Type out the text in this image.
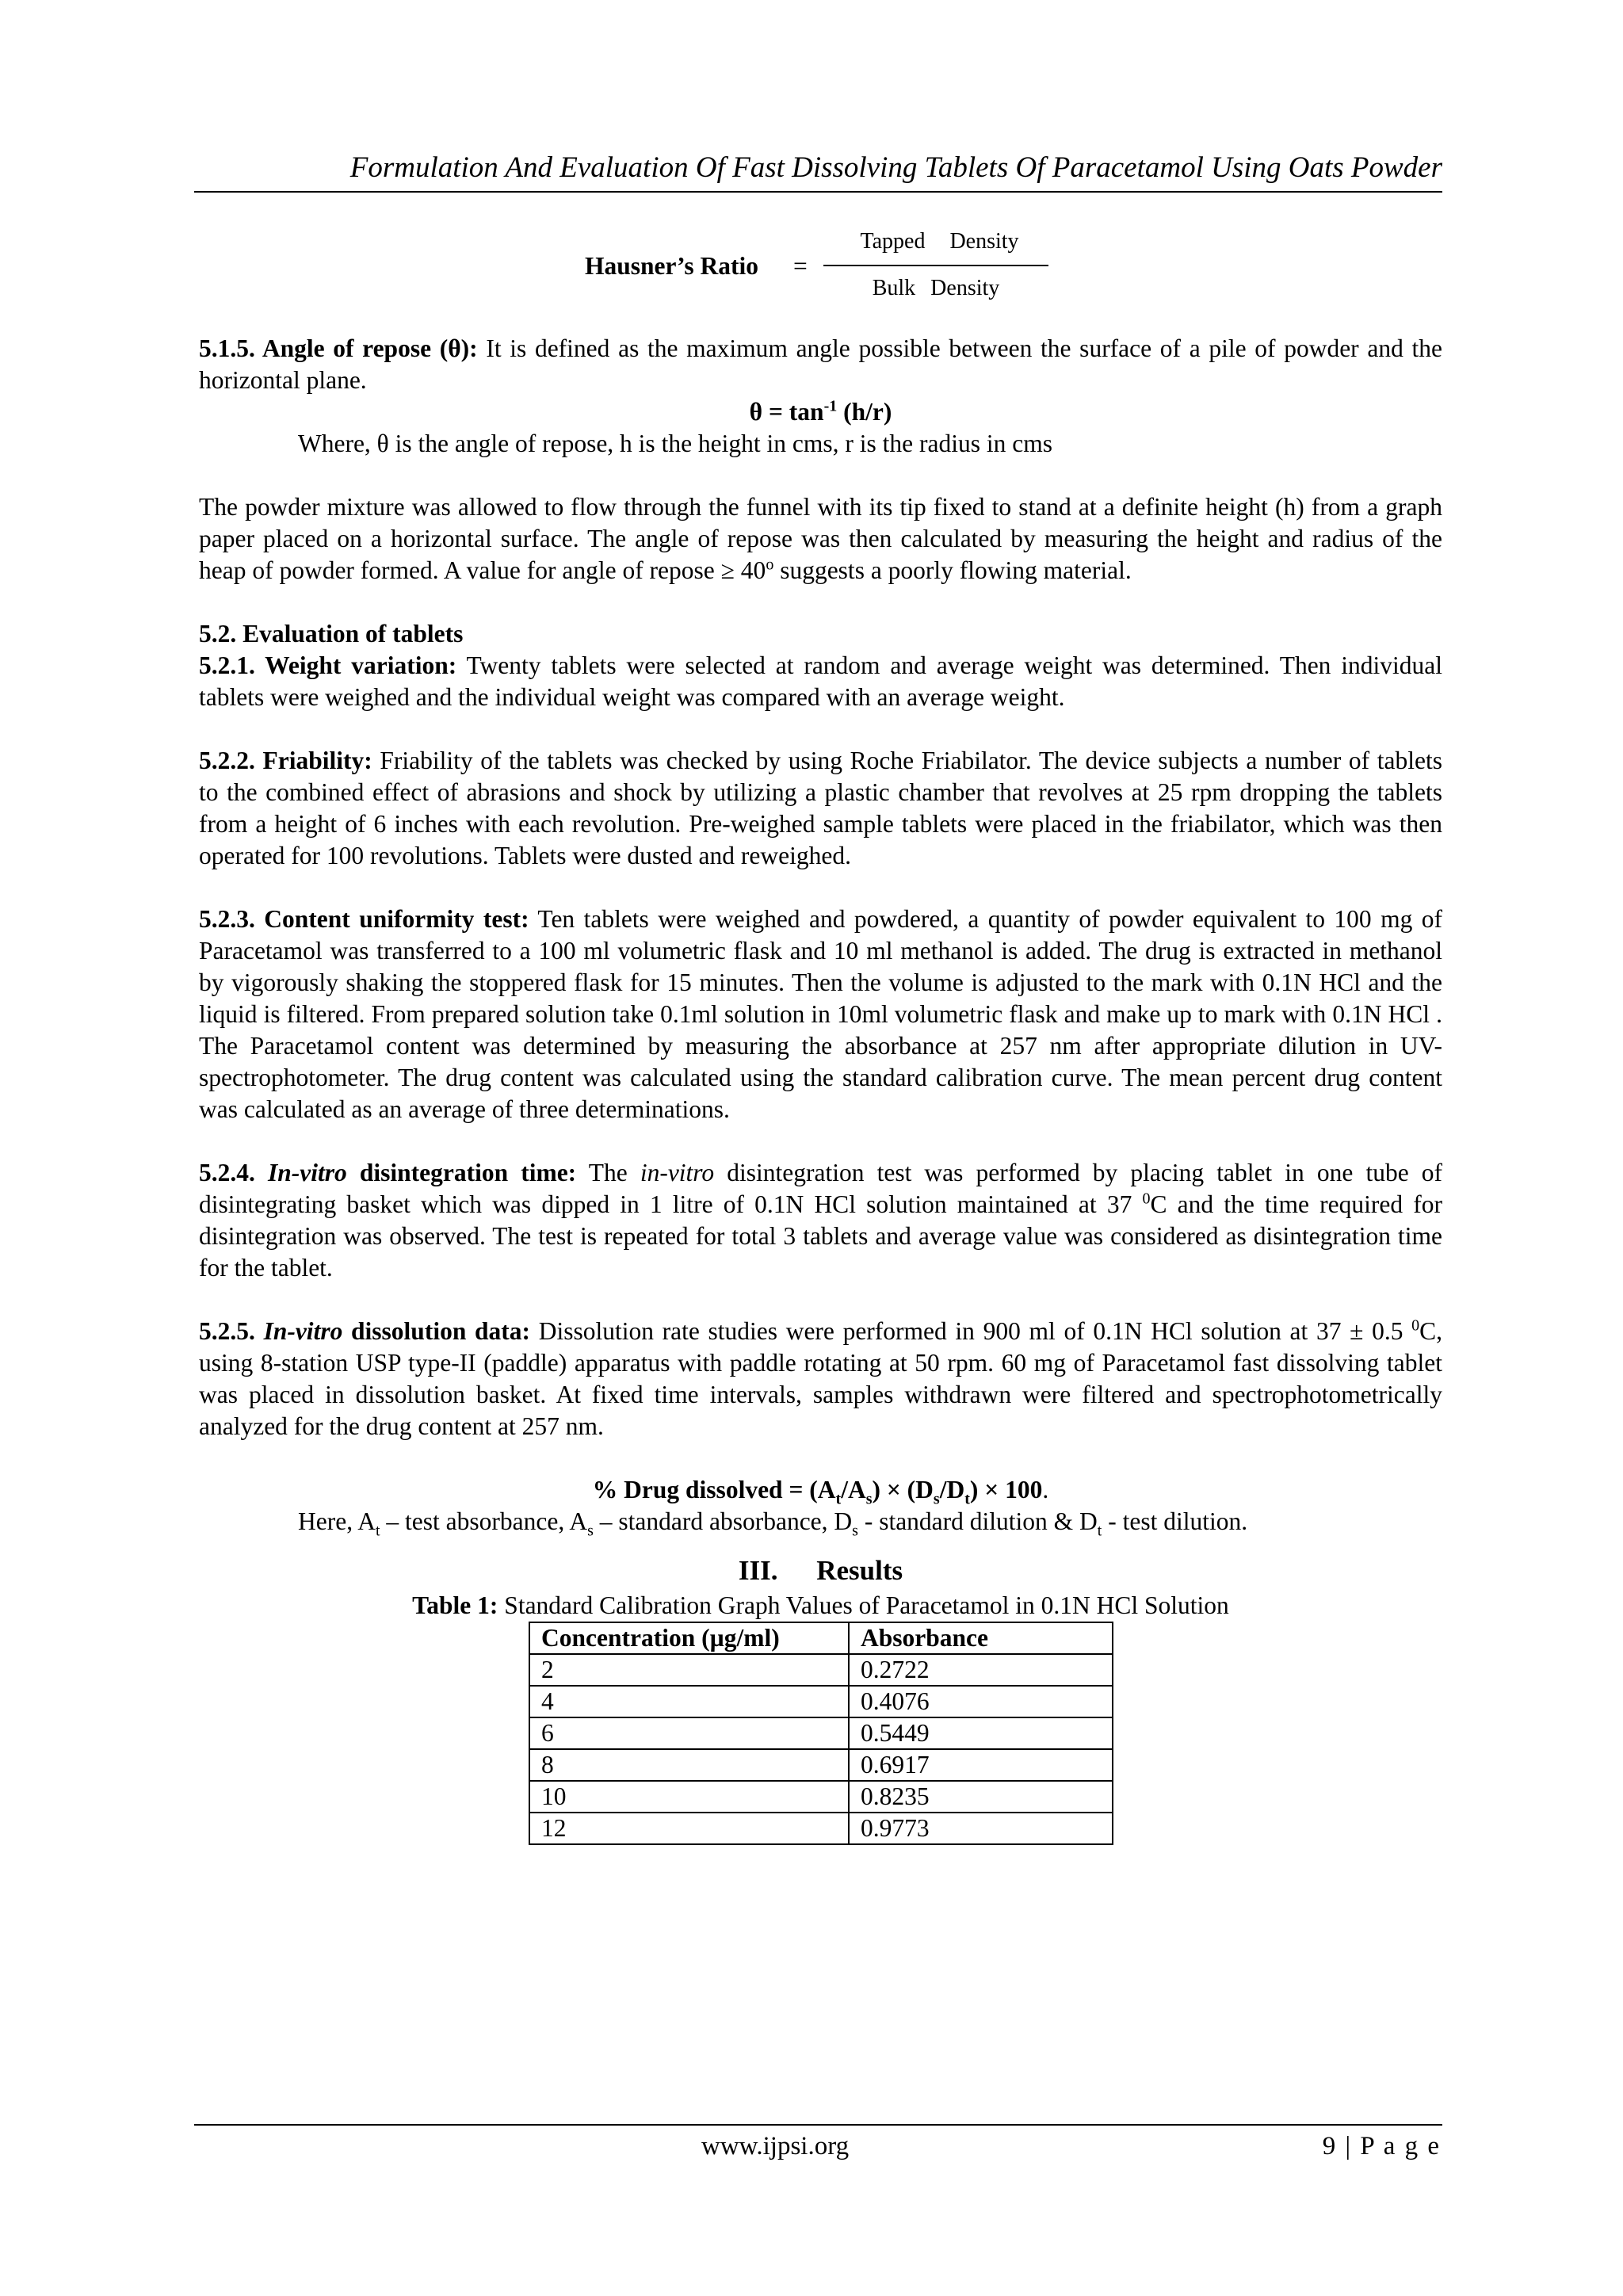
Formulation And Evaluation Of Fast Dissolving Tablets Of Paracetamol Using Oats Powder
Hausner’s Ratio =
Tapped Density
Bulk Density

5.1.5. Angle of repose (θ): It is defined as the maximum angle possible between the surface of a pile of powder and the horizontal plane.

$\theta = \tan^{-1} (h/r)$

Where, θ is the angle of repose, h is the height in cms, r is the radius in cms

The powder mixture was allowed to flow through the funnel with its tip fixed to stand at a definite height (h) from a graph paper placed on a horizontal surface. The angle of repose was then calculated by measuring the height and radius of the heap of powder formed. A value for angle of repose ≥ $40^o$ suggests a poorly flowing material.

5.2. Evaluation of tablets

5.2.1. Weight variation: Twenty tablets were selected at random and average weight was determined. Then individual tablets were weighed and the individual weight was compared with an average weight.

5.2.2. Friability: Friability of the tablets was checked by using Roche Friabilator. The device subjects a number of tablets to the combined effect of abrasions and shock by utilizing a plastic chamber that revolves at 25 rpm dropping the tablets from a height of 6 inches with each revolution. Pre-weighed sample tablets were placed in the friabilator, which was then operated for 100 revolutions. Tablets were dusted and reweighed.

5.2.3. Content uniformity test: Ten tablets were weighed and powdered, a quantity of powder equivalent to 100 mg of Paracetamol was transferred to a 100 ml volumetric flask and 10 ml methanol is added. The drug is extracted in methanol by vigorously shaking the stoppered flask for 15 minutes. Then the volume is adjusted to the mark with 0.1N HCl and the liquid is filtered. From prepared solution take 0.1ml solution in 10ml volumetric flask and make up to mark with 0.1N HCl . The Paracetamol content was determined by measuring the absorbance at 257 nm after appropriate dilution in UV- spectrophotometer. The drug content was calculated using the standard calibration curve. The mean percent drug content was calculated as an average of three determinations.

5.2.4. In-vitro disintegration time: The in-vitro disintegration test was performed by placing tablet in one tube of disintegrating basket which was dipped in 1 litre of 0.1N HCl solution maintained at 37 $^0$C and the time required for disintegration was observed. The test is repeated for total 3 tablets and average value was considered as disintegration time for the tablet.

5.2.5. In-vitro dissolution data: Dissolution rate studies were performed in 900 ml of 0.1N HCl solution at 37 ± 0.5 $^0$C, using 8-station USP type-II (paddle) apparatus with paddle rotating at 50 rpm. 60 mg of Paracetamol fast dissolving tablet was placed in dissolution basket. At fixed time intervals, samples withdrawn were filtered and spectrophotometrically analyzed for the drug content at 257 nm.

% Drug dissolved = $(A_t/A_s) \times (D_s/D_t) \times 100$.

Here, $A_t$ – test absorbance, $A_s$ – standard absorbance, $D_s$ - standard dilution & $D_t$ - test dilution.

III. Results

Table 1: Standard Calibration Graph Values of Paracetamol in 0.1N HCl Solution

Concentration (µg/ml)	Absorbance
2	0.2722
4	0.4076
6	0.5449
8	0.6917
10	0.8235
12	0.9773
www.ijpsi.org	9 | P a g e
